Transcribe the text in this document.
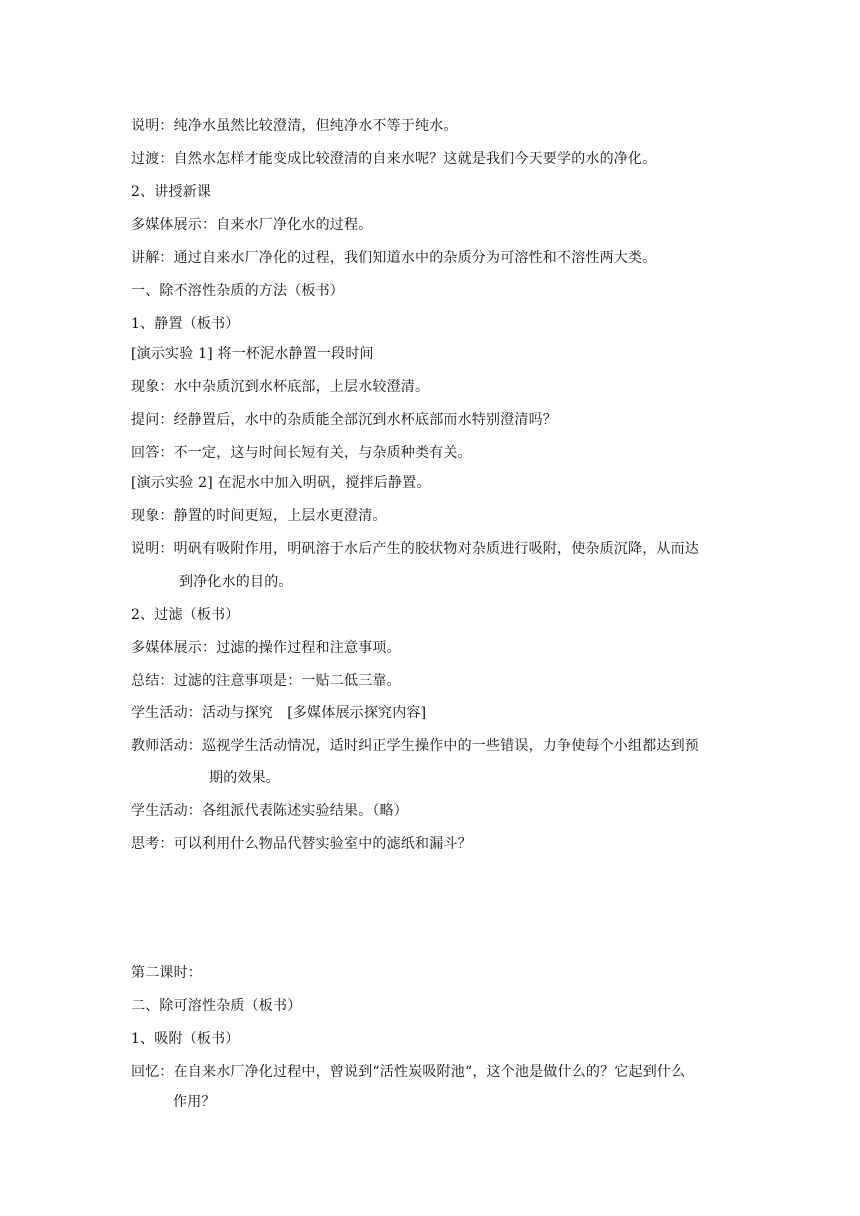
说明：纯净水虽然比较澄清，但纯净水不等于纯水。
过渡：自然水怎样才能变成比较澄清的自来水呢？这就是我们今天要学的水的净化。
2、讲授新课
多媒体展示：自来水厂净化水的过程。
讲解：通过自来水厂净化的过程，我们知道水中的杂质分为可溶性和不溶性两大类。
一、除不溶性杂质的方法（板书）
1、静置（板书）
[演示实验 1] 将一杯泥水静置一段时间
现象：水中杂质沉到水杯底部，上层水较澄清。
提问：经静置后，水中的杂质能全部沉到水杯底部而水特别澄清吗？
回答：不一定，这与时间长短有关，与杂质种类有关。
[演示实验 2] 在泥水中加入明矾，搅拌后静置。
现象：静置的时间更短，上层水更澄清。
说明：明矾有吸附作用，明矾溶于水后产生的胶状物对杂质进行吸附，使杂质沉降，从而达
到净化水的目的。
2、过滤（板书）
多媒体展示：过滤的操作过程和注意事项。
总结：过滤的注意事项是：一贴二低三靠。
学生活动：活动与探究　[多媒体展示探究内容]
教师活动：巡视学生活动情况，适时纠正学生操作中的一些错误，力争使每个小组都达到预
期的效果。
学生活动：各组派代表陈述实验结果。（略）
思考：可以利用什么物品代替实验室中的滤纸和漏斗？
第二课时：
二、除可溶性杂质（板书）
1、吸附（板书）
回忆：在自来水厂净化过程中，曾说到“活性炭吸附池“，这个池是做什么的？它起到什么
作用？
